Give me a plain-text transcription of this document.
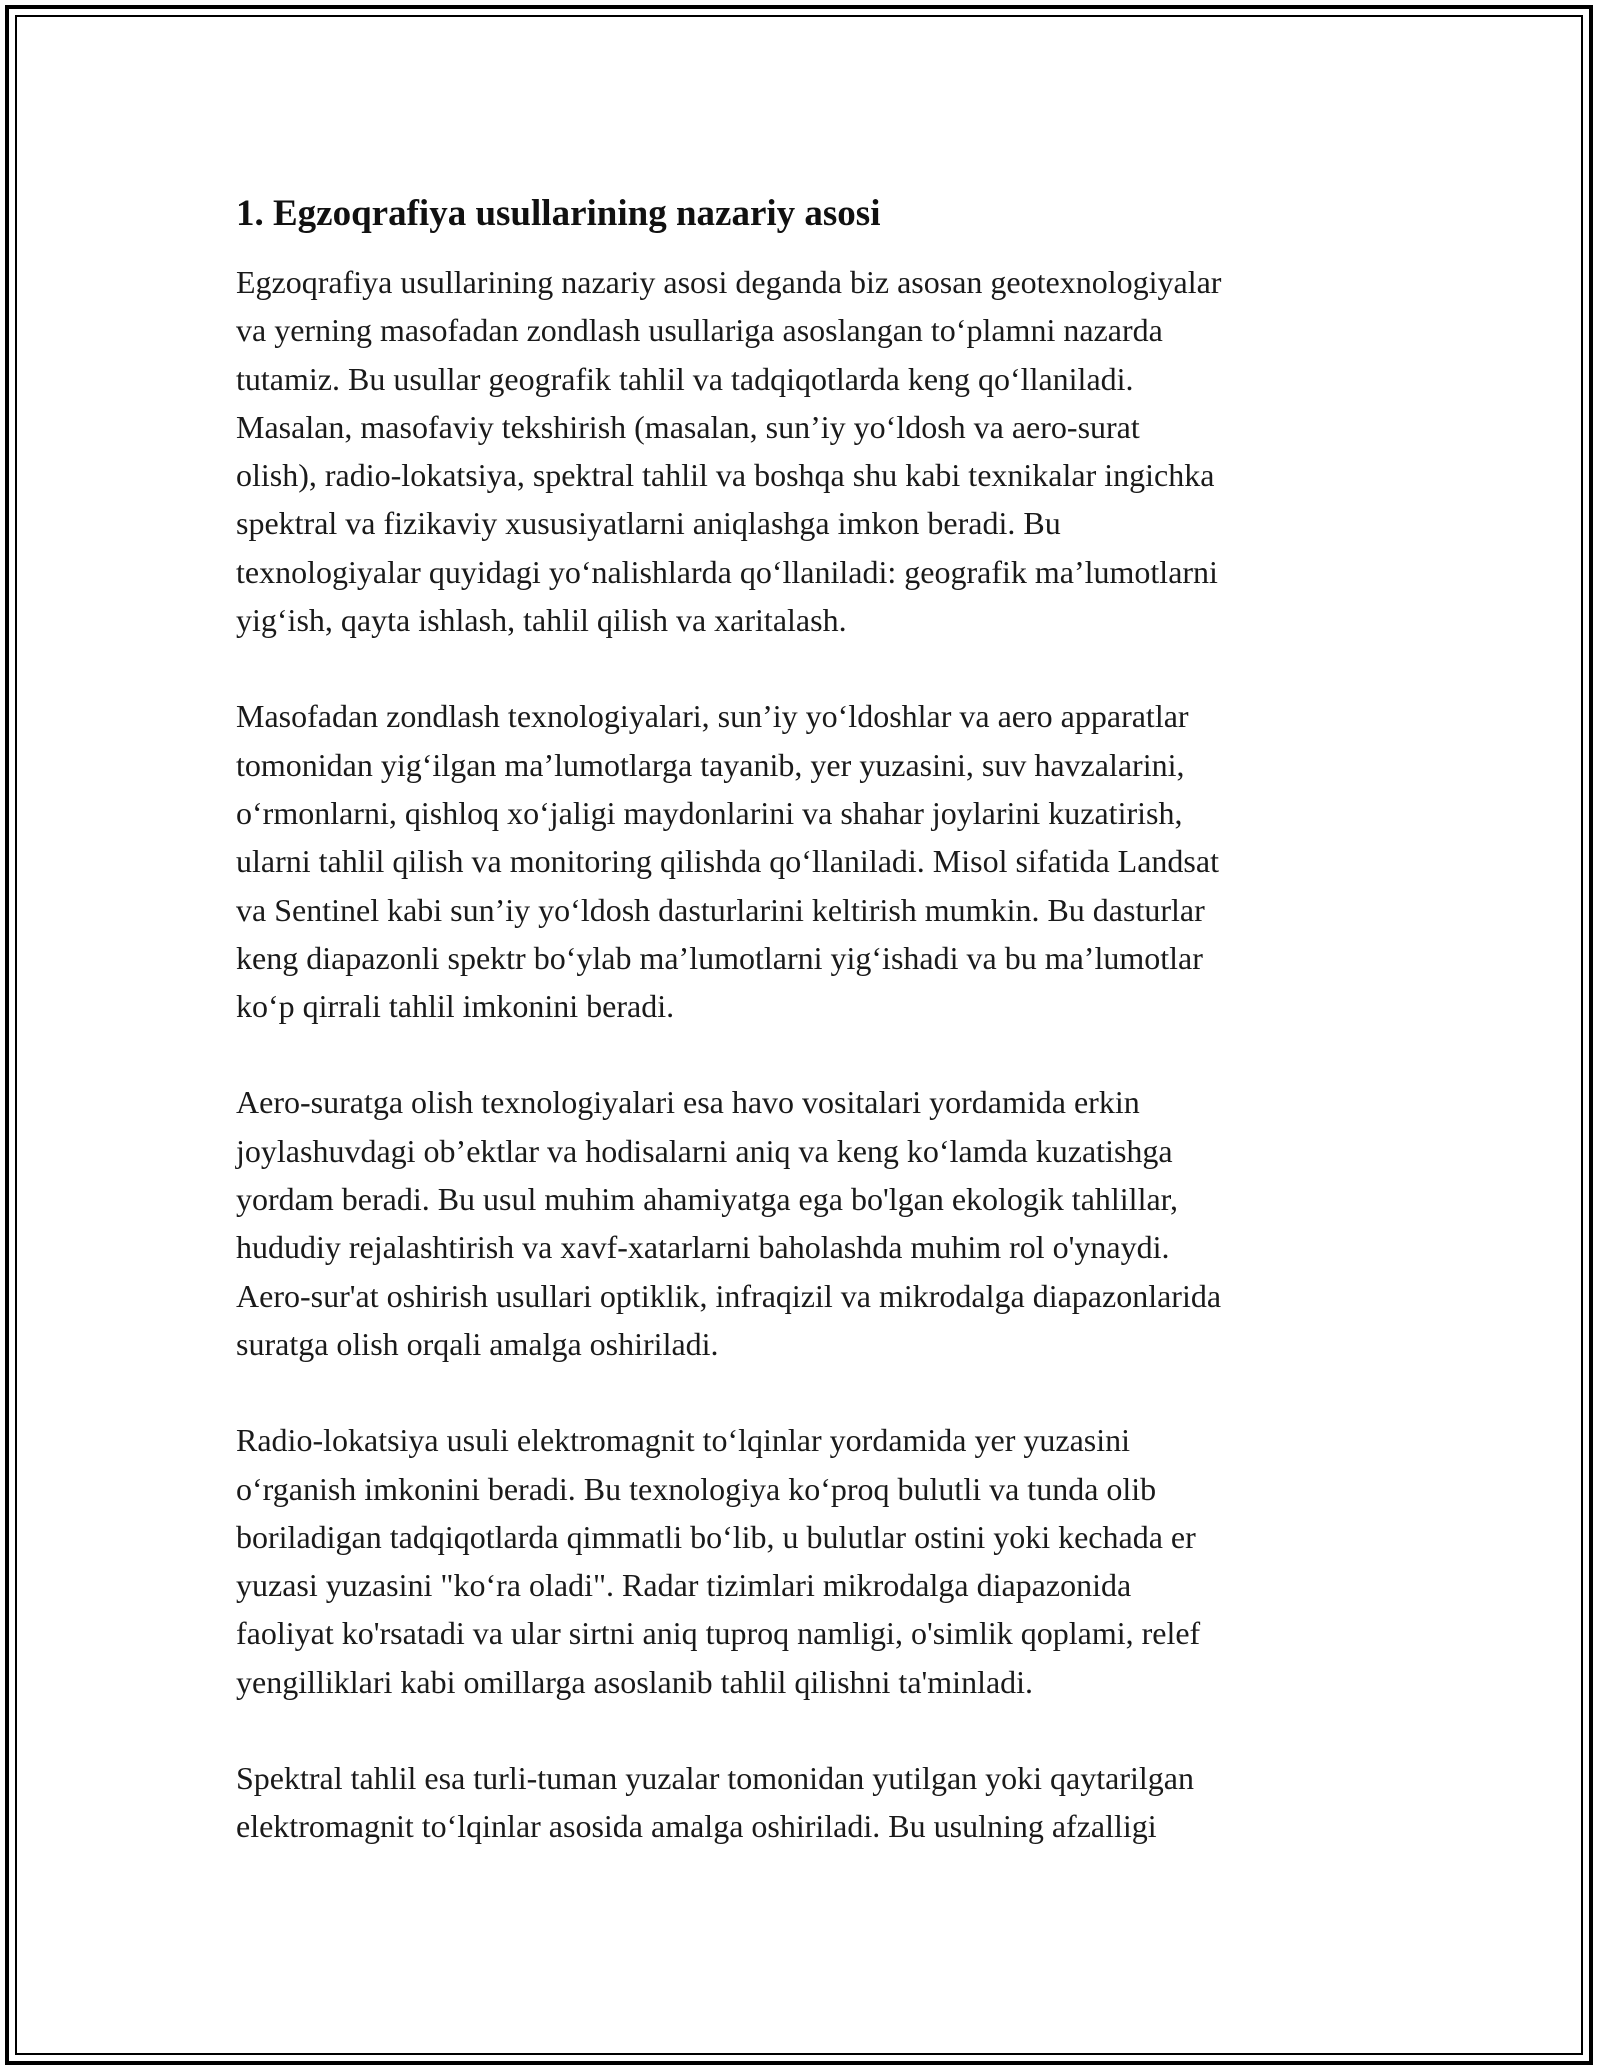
1. Egzoqrafiya usullarining nazariy asosi

Egzoqrafiya usullarining nazariy asosi deganda biz asosan geotexnologiyalar
va yerning masofadan zondlash usullariga asoslangan to‘plamni nazarda
tutamiz. Bu usullar geografik tahlil va tadqiqotlarda keng qo‘llaniladi.
Masalan, masofaviy tekshirish (masalan, sun’iy yo‘ldosh va aero-surat
olish), radio-lokatsiya, spektral tahlil va boshqa shu kabi texnikalar ingichka
spektral va fizikaviy xususiyatlarni aniqlashga imkon beradi. Bu
texnologiyalar quyidagi yo‘nalishlarda qo‘llaniladi: geografik ma’lumotlarni
yig‘ish, qayta ishlash, tahlil qilish va xaritalash.

Masofadan zondlash texnologiyalari, sun’iy yo‘ldoshlar va aero apparatlar
tomonidan yig‘ilgan ma’lumotlarga tayanib, yer yuzasini, suv havzalarini,
o‘rmonlarni, qishloq xo‘jaligi maydonlarini va shahar joylarini kuzatirish,
ularni tahlil qilish va monitoring qilishda qo‘llaniladi. Misol sifatida Landsat
va Sentinel kabi sun’iy yo‘ldosh dasturlarini keltirish mumkin. Bu dasturlar
keng diapazonli spektr bo‘ylab ma’lumotlarni yig‘ishadi va bu ma’lumotlar
ko‘p qirrali tahlil imkonini beradi.

Aero-suratga olish texnologiyalari esa havo vositalari yordamida erkin
joylashuvdagi ob’ektlar va hodisalarni aniq va keng ko‘lamda kuzatishga
yordam beradi. Bu usul muhim ahamiyatga ega bo'lgan ekologik tahlillar,
hududiy rejalashtirish va xavf-xatarlarni baholashda muhim rol o'ynaydi.
Aero-sur'at oshirish usullari optiklik, infraqizil va mikrodalga diapazonlarida
suratga olish orqali amalga oshiriladi.

Radio-lokatsiya usuli elektromagnit to‘lqinlar yordamida yer yuzasini
o‘rganish imkonini beradi. Bu texnologiya ko‘proq bulutli va tunda olib
boriladigan tadqiqotlarda qimmatli bo‘lib, u bulutlar ostini yoki kechada er
yuzasi yuzasini "ko‘ra oladi". Radar tizimlari mikrodalga diapazonida
faoliyat ko'rsatadi va ular sirtni aniq tuproq namligi, o'simlik qoplami, relef
yengilliklari kabi omillarga asoslanib tahlil qilishni ta'minladi.

Spektral tahlil esa turli-tuman yuzalar tomonidan yutilgan yoki qaytarilgan
elektromagnit to‘lqinlar asosida amalga oshiriladi. Bu usulning afzalligi
